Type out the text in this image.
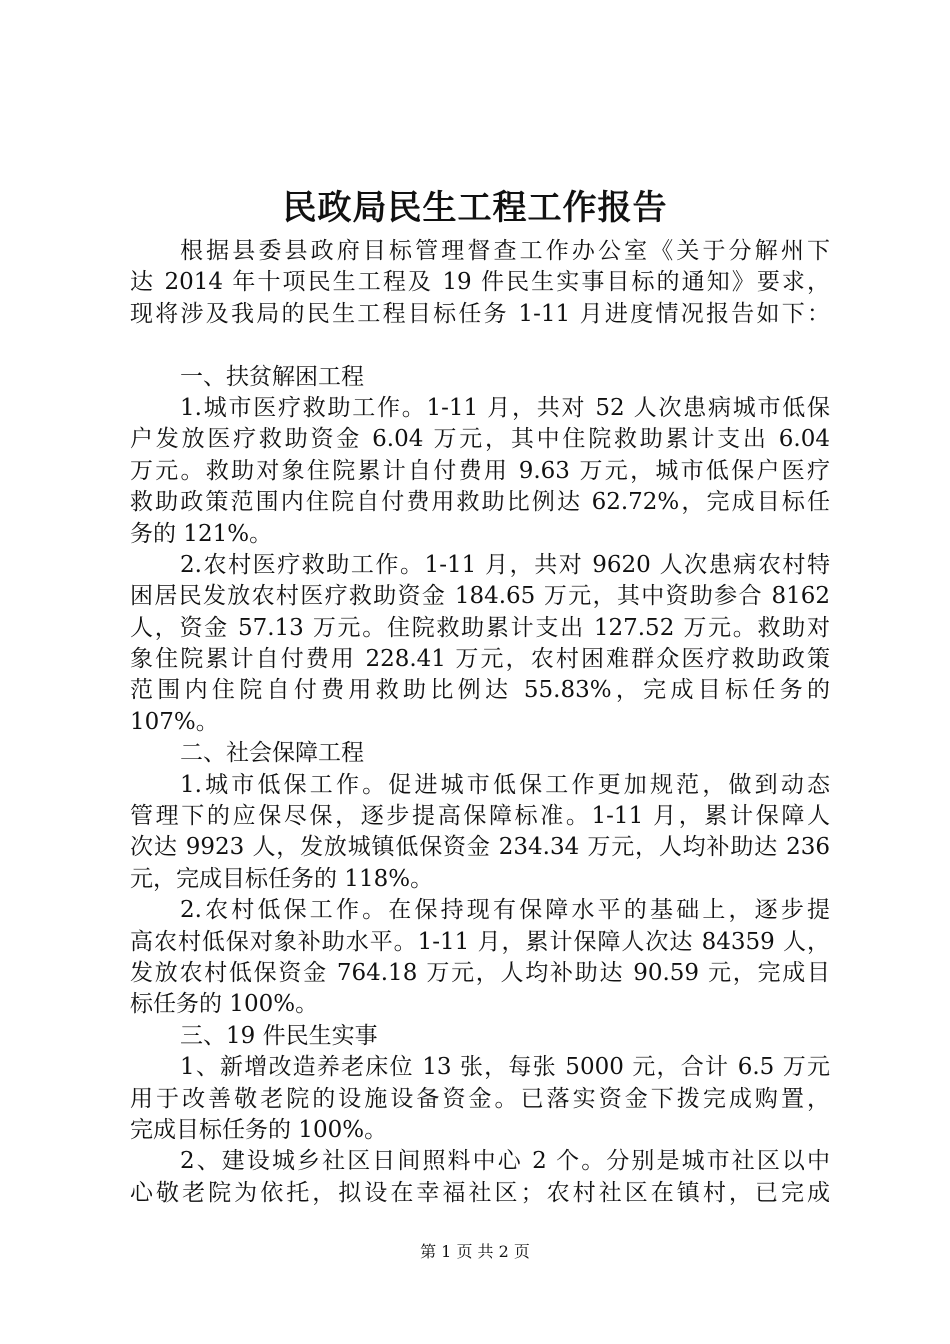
民政局民生工程工作报告
根据县委县政府目标管理督查工作办公室《关于分解州下
达 2014 年十项民生工程及 19 件民生实事目标的通知》要求，
现将涉及我局的民生工程目标任务 1-11 月进度情况报告如下：
一、扶贫解困工程
1.城市医疗救助工作。1-11 月，共对 52 人次患病城市低保
户发放医疗救助资金 6.04 万元，其中住院救助累计支出 6.04
万元。救助对象住院累计自付费用 9.63 万元，城市低保户医疗
救助政策范围内住院自付费用救助比例达 62.72%，完成目标任
务的 121%。
2.农村医疗救助工作。1-11 月，共对 9620 人次患病农村特
困居民发放农村医疗救助资金 184.65 万元，其中资助参合 8162
人，资金 57.13 万元。住院救助累计支出 127.52 万元。救助对
象住院累计自付费用 228.41 万元，农村困难群众医疗救助政策
范围内住院自付费用救助比例达 55.83%，完成目标任务的
107%。
二、社会保障工程
1.城市低保工作。促进城市低保工作更加规范，做到动态
管理下的应保尽保，逐步提高保障标准。1-11 月，累计保障人
次达 9923 人，发放城镇低保资金 234.34 万元，人均补助达 236
元，完成目标任务的 118%。
2.农村低保工作。在保持现有保障水平的基础上，逐步提
高农村低保对象补助水平。1-11 月，累计保障人次达 84359 人，
发放农村低保资金 764.18 万元，人均补助达 90.59 元，完成目
标任务的 100%。
三、19 件民生实事
1、新增改造养老床位 13 张，每张 5000 元，合计 6.5 万元
用于改善敬老院的设施设备资金。已落实资金下拨完成购置，
完成目标任务的 100%。
2、建设城乡社区日间照料中心 2 个。分别是城市社区以中
心敬老院为依托，拟设在幸福社区；农村社区在镇村，已完成
第 1 页 共 2 页
